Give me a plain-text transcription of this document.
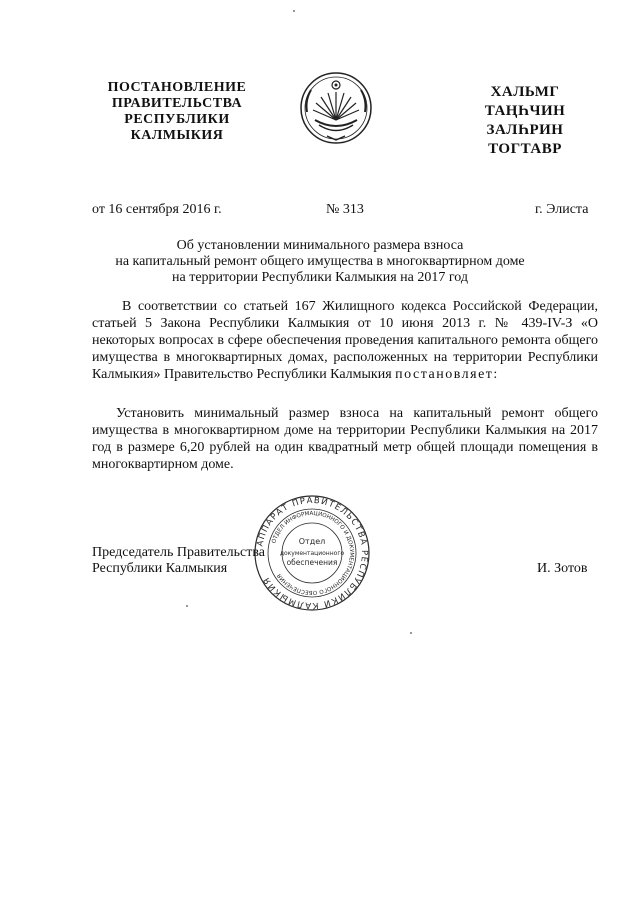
ПОСТАНОВЛЕНИЕ
ПРАВИТЕЛЬСТВА
РЕСПУБЛИКИ
КАЛМЫКИЯ
ХАЛЬМГ
ТАҢҺЧИН
ЗАЛҺРИН
ТОГТАВР
от 16 сентября 2016 г.	№ 313	г. Элиста
Об установлении минимального размера взноса
на капитальный ремонт общего имущества в многоквартирном доме
на территории Республики Калмыкия на 2017 год

В соответствии со статьей 167 Жилищного кодекса Российской Федерации, статьей 5 Закона Республики Калмыкия от 10 июня 2013 г. № 439-IV-З «О некоторых вопросах в сфере обеспечения проведения капитального ремонта общего имущества в многоквартирных домах, расположенных на территории Республики Калмыкия» Правительство Республики Калмыкия постановляет:

Установить минимальный размер взноса на капитальный ремонт общего имущества в многоквартирном доме на территории Республики Калмыкия на 2017 год в размере 6,20 рублей на один квадратный метр общей площади помещения в многоквартирном доме.

Председатель Правительства
Республики Калмыкия	И. Зотов
АППАРАТ ПРАВИТЕЛЬСТВА РЕСПУБЛИКИ КАЛМЫКИЯ
ОТДЕЛ ИНФОРМАЦИОННОГО И ДОКУМЕНТАЦИОННОГО ОБЕСПЕЧЕНИЯ
Отдел
документационного
обеспечения
